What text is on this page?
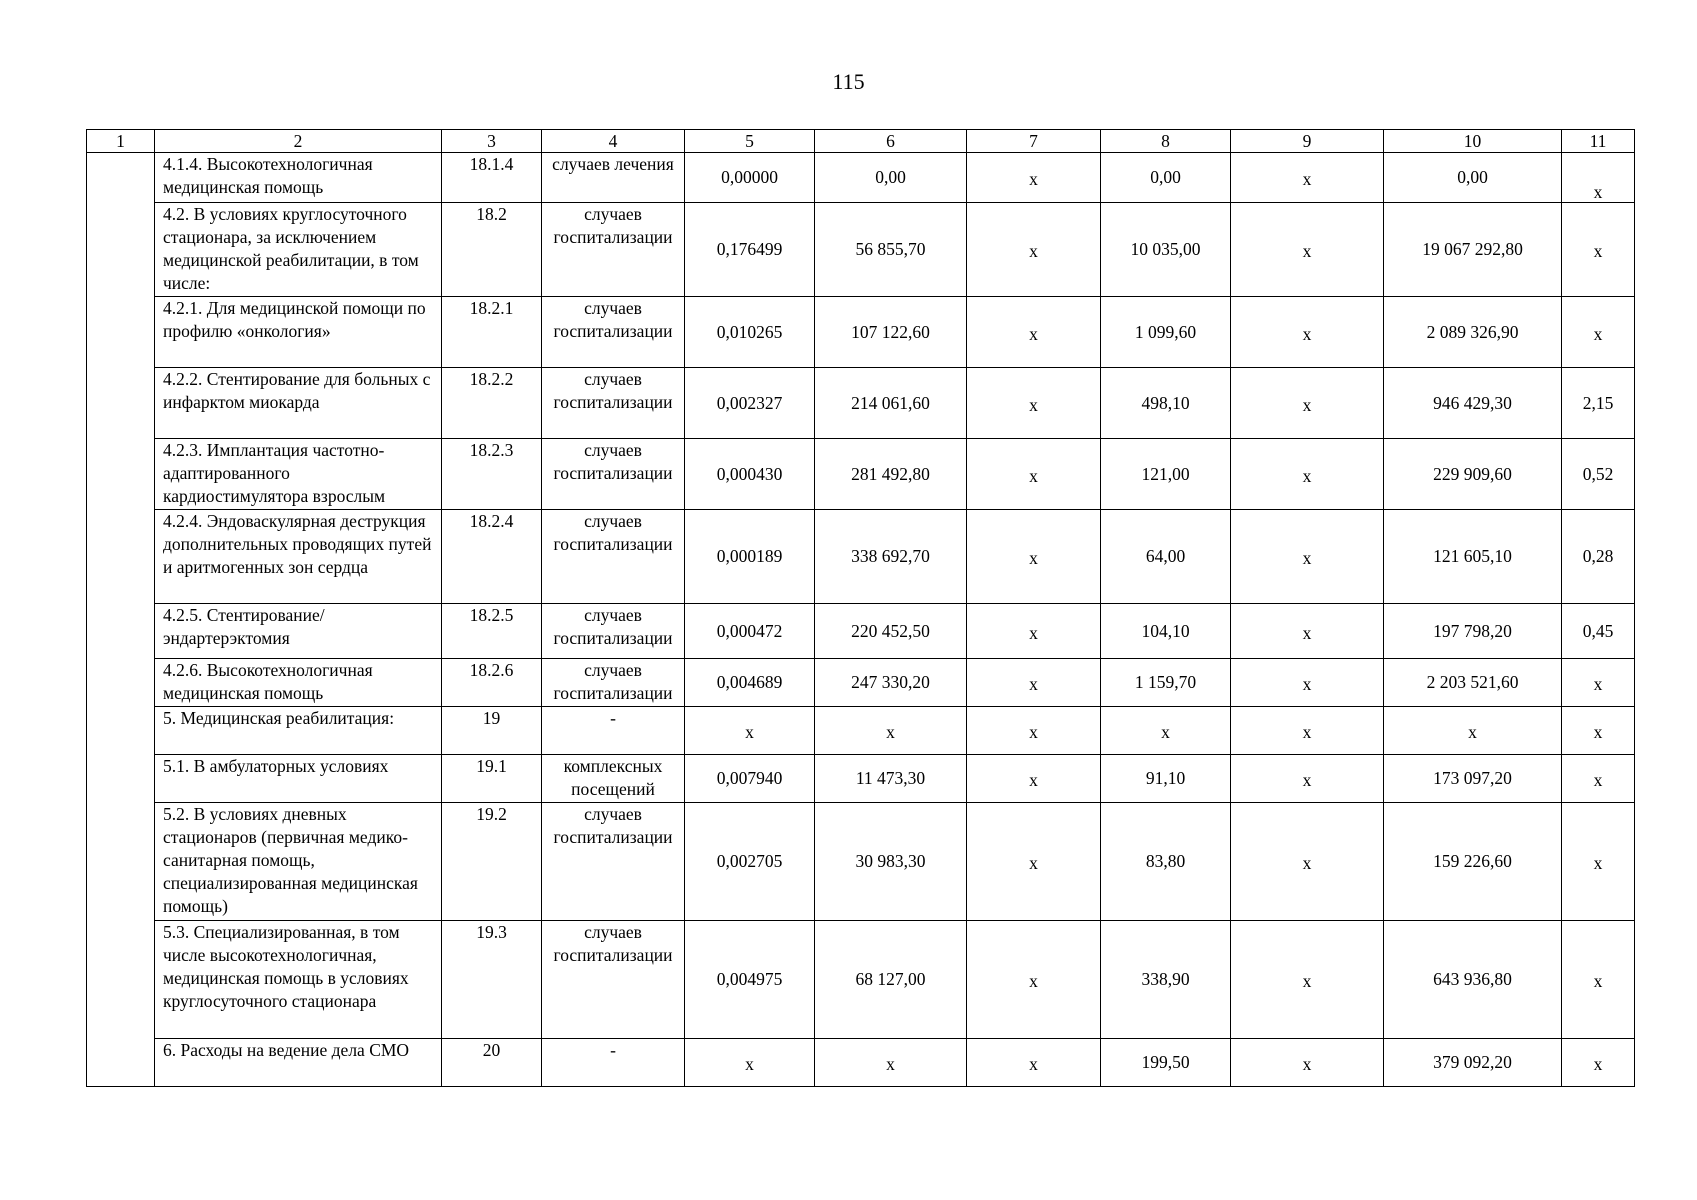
115
1	2	3	4	5	6	7	8	9	10	11
	4.1.4. Высокотехнологичная медицинская помощь	18.1.4	случаев лечения	0,00000	0,00	х	0,00	х	0,00	х
	4.2. В условиях круглосуточного стационара, за исключением медицинской реабилитации, в том числе:	18.2	случаев госпитализации	0,176499	56 855,70	х	10 035,00	х	19 067 292,80	х
	4.2.1. Для медицинской помощи по профилю «онкология»	18.2.1	случаев госпитализации	0,010265	107 122,60	х	1 099,60	х	2 089 326,90	х
	4.2.2. Стентирование для больных с инфарктом миокарда	18.2.2	случаев госпитализации	0,002327	214 061,60	х	498,10	х	946 429,30	2,15
	4.2.3. Имплантация частотно-адаптированного кардиостимулятора взрослым	18.2.3	случаев госпитализации	0,000430	281 492,80	х	121,00	х	229 909,60	0,52
	4.2.4. Эндоваскулярная деструкция дополнительных проводящих путей и аритмогенных зон сердца	18.2.4	случаев госпитализации	0,000189	338 692,70	х	64,00	х	121 605,10	0,28
	4.2.5. Стентирование/эндартерэктомия	18.2.5	случаев госпитализации	0,000472	220 452,50	х	104,10	х	197 798,20	0,45
	4.2.6. Высокотехнологичная медицинская помощь	18.2.6	случаев госпитализации	0,004689	247 330,20	х	1 159,70	х	2 203 521,60	х
	5. Медицинская реабилитация:	19	-	х	х	х	х	х	х	х
	5.1. В амбулаторных условиях	19.1	комплексных посещений	0,007940	11 473,30	х	91,10	х	173 097,20	х
	5.2. В условиях дневных стационаров (первичная медико-санитарная помощь, специализированная медицинская помощь)	19.2	случаев госпитализации	0,002705	30 983,30	х	83,80	х	159 226,60	х
	5.3. Специализированная, в том числе высокотехнологичная, медицинская помощь в условиях круглосуточного стационара	19.3	случаев госпитализации	0,004975	68 127,00	х	338,90	х	643 936,80	х
	6. Расходы на ведение дела СМО	20	-	х	х	х	199,50	х	379 092,20	х
